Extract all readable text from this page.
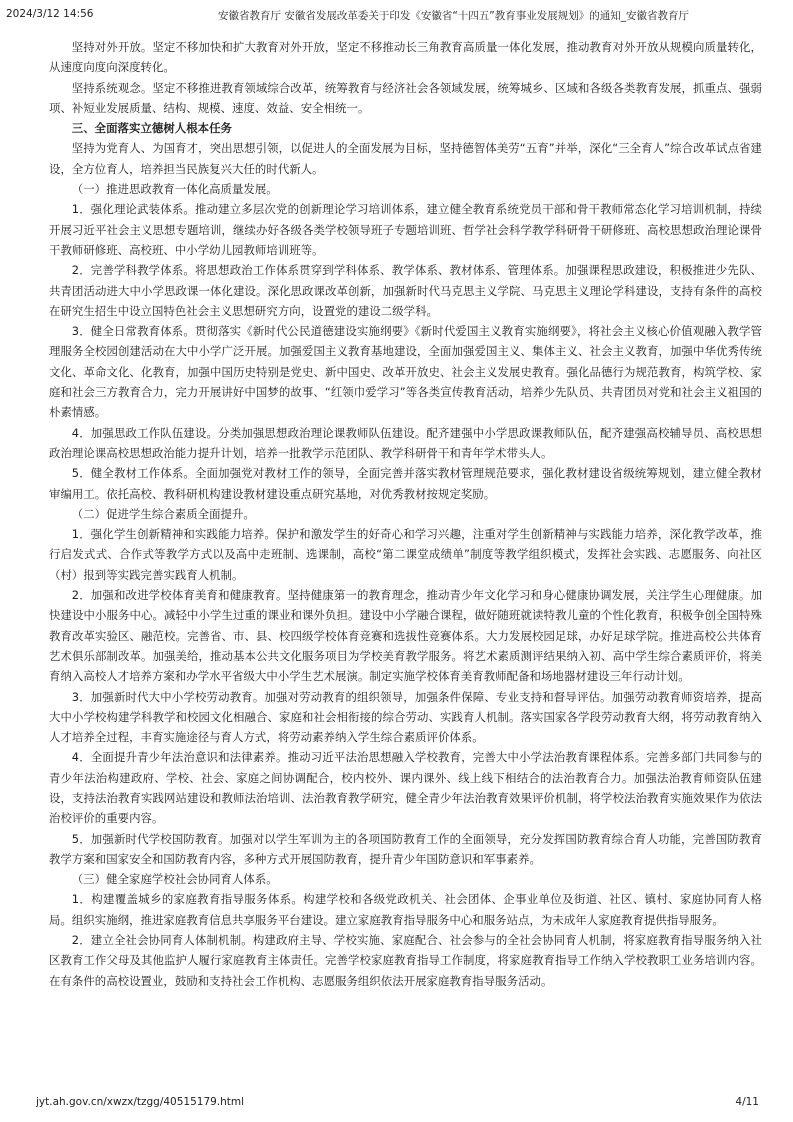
2024/3/12 14:56	安徽省教育厅 安徽省发展改革委关于印发《安徽省“十四五”教育事业发展规划》的通知_安徽省教育厅

坚持对外开放。坚定不移加快和扩大教育对外开放，坚定不移推动长三角教育高质量一体化发展，推动教育对外开放从规模向质量转化，从速度向度向深度转化。

坚持系统观念。坚定不移推进教育领域综合改革，统筹教育与经济社会各领域发展，统筹城乡、区域和各级各类教育发展，抓重点、强弱项、补短业发展质量、结构、规模、速度、效益、安全相统一。

三、全面落实立德树人根本任务

坚持为党育人、为国育才，突出思想引领，以促进人的全面发展为目标，坚持德智体美劳“五育”并举，深化“三全育人”综合改革试点省建设，全方位育人，培养担当民族复兴大任的时代新人。

（一）推进思政教育一体化高质量发展。

1．强化理论武装体系。推动建立多层次党的创新理论学习培训体系，建立健全教育系统党员干部和骨干教师常态化学习培训机制，持续开展习近平社会主义思想专题培训，继续办好各级各类学校领导班子专题培训班、哲学社会科学教学科研骨干研修班、高校思想政治理论课骨干教师研修班、高校班、中小学幼儿园教师培训班等。

2．完善学科教学体系。将思想政治工作体系贯穿到学科体系、教学体系、教材体系、管理体系。加强课程思政建设，积极推进少先队、共青团活动进大中小学思政课一体化建设。深化思政课改革创新，加强新时代马克思主义学院、马克思主义理论学科建设，支持有条件的高校在研究生招生中设立国特色社会主义思想研究方向，设置党的建设二级学科。

3．健全日常教育体系。贯彻落实《新时代公民道德建设实施纲要》《新时代爱国主义教育实施纲要》，将社会主义核心价值观融入教学管理服务全校园创建活动在大中小学广泛开展。加强爱国主义教育基地建设，全面加强爱国主义、集体主义、社会主义教育，加强中华优秀传统文化、革命文化、化教育，加强中国历史特别是党史、新中国史、改革开放史、社会主义发展史教育。强化品德行为规范教育，构筑学校、家庭和社会三方教育合力，完力开展讲好中国梦的故事、“红领巾爱学习”等各类宣传教育活动，培养少先队员、共青团员对党和社会主义祖国的朴素情感。

4．加强思政工作队伍建设。分类加强思想政治理论课教师队伍建设。配齐建强中小学思政课教师队伍，配齐建强高校辅导员、高校思想政治理论课高校思想政治能力提升计划，培养一批教学示范团队、教学科研骨干和青年学术带头人。

5．健全教材工作体系。全面加强党对教材工作的领导，全面完善并落实教材管理规范要求，强化教材建设省级统筹规划，建立健全教材审编用工。依托高校、教科研机构建设教材建设重点研究基地，对优秀教材按规定奖励。

（二）促进学生综合素质全面提升。

1．强化学生创新精神和实践能力培养。保护和激发学生的好奇心和学习兴趣，注重对学生创新精神与实践能力培养，深化教学改革，推行启发式式、合作式等教学方式以及高中走班制、选课制，高校“第二课堂成绩单”制度等教学组织模式，发挥社会实践、志愿服务、向社区（村）报到等实践完善实践育人机制。

2．加强和改进学校体育美育和健康教育。坚持健康第一的教育理念，推动青少年文化学习和身心健康协调发展，关注学生心理健康。加快建设中小服务中心。减轻中小学生过重的课业和课外负担。建设中小学融合课程，做好随班就读特教儿童的个性化教育，积极争创全国特殊教育改革实验区、融范校。完善省、市、县、校四级学校体育竞赛和选拔性竞赛体系。大力发展校园足球，办好足球学院。推进高校公共体育艺术俱乐部制改革。加强美给，推动基本公共文化服务项目为学校美育教学服务。将艺术素质测评结果纳入初、高中学生综合素质评价，将美育纳入高校人才培养方案和办学水平省级大中小学生艺术展演。制定实施学校体育美育教师配备和场地器材建设三年行动计划。

3．加强新时代大中小学校劳动教育。加强对劳动教育的组织领导，加强条件保障、专业支持和督导评估。加强劳动教育师资培养，提高大中小学校构建学科教学和校园文化相融合、家庭和社会相衔接的综合劳动、实践育人机制。落实国家各学段劳动教育大纲，将劳动教育纳入人才培养全过程，丰育实施途径与育人方式，将劳动素养纳入学生综合素质评价体系。

4．全面提升青少年法治意识和法律素养。推动习近平法治思想融入学校教育，完善大中小学法治教育课程体系。完善多部门共同参与的青少年法治构建政府、学校、社会、家庭之间协调配合，校内校外、课内课外、线上线下相结合的法治教育合力。加强法治教育师资队伍建设，支持法治教育实践网站建设和教师法治培训、法治教育教学研究，健全青少年法治教育效果评价机制，将学校法治教育实施效果作为依法治校评价的重要内容。

5．加强新时代学校国防教育。加强对以学生军训为主的各项国防教育工作的全面领导，充分发挥国防教育综合育人功能，完善国防教育教学方案和国家安全和国防教育内容，多种方式开展国防教育，提升青少年国防意识和军事素养。

（三）健全家庭学校社会协同育人体系。

1．构建覆盖城乡的家庭教育指导服务体系。构建学校和各级党政机关、社会团体、企事业单位及街道、社区、镇村、家庭协同育人格局。组织实施纲，推进家庭教育信息共享服务平台建设。建立家庭教育指导服务中心和服务站点，为未成年人家庭教育提供指导服务。

2．建立全社会协同育人体制机制。构建政府主导、学校实施、家庭配合、社会参与的全社会协同育人机制，将家庭教育指导服务纳入社区教育工作父母及其他监护人履行家庭教育主体责任。完善学校家庭教育指导工作制度，将家庭教育指导工作纳入学校教职工业务培训内容。在有条件的高校设置业，鼓励和支持社会工作机构、志愿服务组织依法开展家庭教育指导服务活动。

jyt.ah.gov.cn/xwzx/tzgg/40515179.html	4/11
